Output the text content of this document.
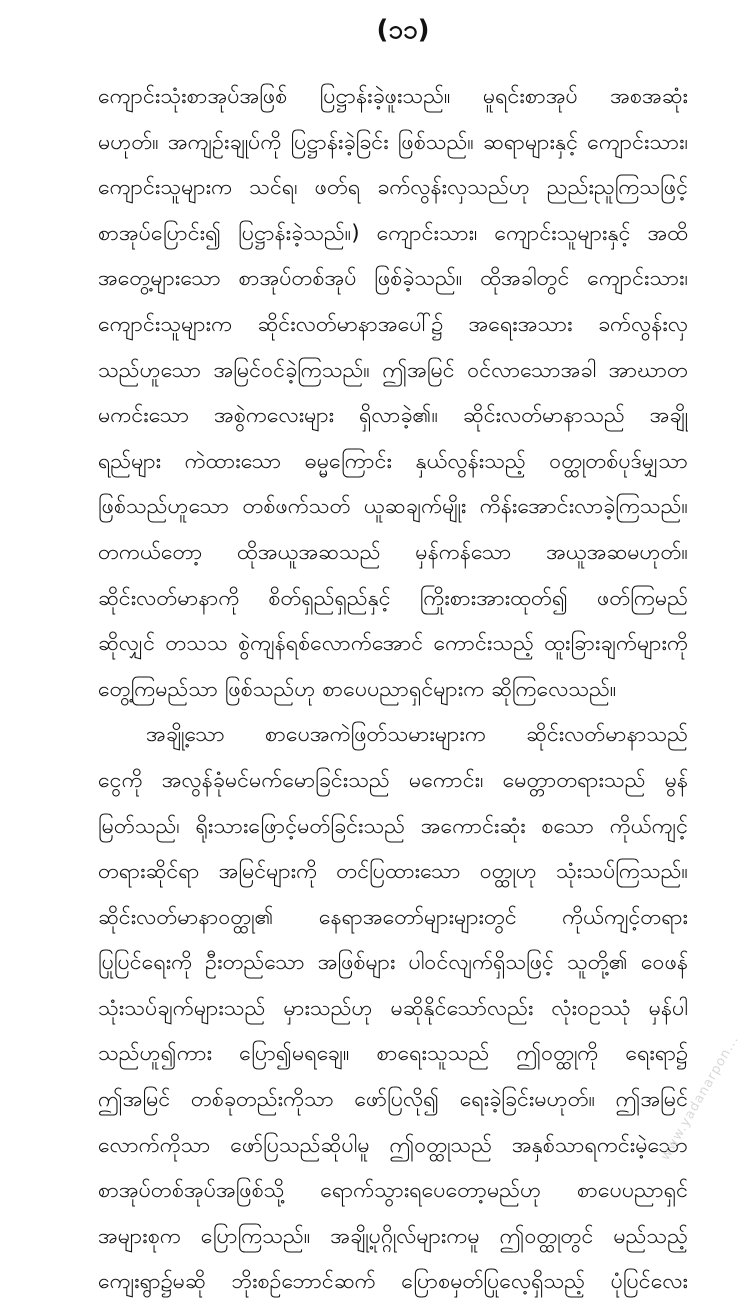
(၁၁)
ကျောင်းသုံးစာအုပ်အဖြစ် ပြဋ္ဌာန်းခဲ့ဖူးသည်။ မူရင်းစာအုပ် အစအဆုံး
မဟုတ်။ အကျဉ်းချုပ်ကို ပြဋ္ဌာန်းခဲ့ခြင်း ဖြစ်သည်။ ဆရာများနှင့် ကျောင်းသား၊
ကျောင်းသူများက သင်ရ၊ ဖတ်ရ ခက်လွန်းလှသည်ဟု ညည်းညူကြသဖြင့်
စာအုပ်ပြောင်း၍ ပြဋ္ဌာန်းခဲ့သည်။) ကျောင်းသား၊ ကျောင်းသူများနှင့် အထိ
အတွေ့များသော စာအုပ်တစ်အုပ် ဖြစ်ခဲ့သည်။ ထိုအခါတွင် ကျောင်းသား၊
ကျောင်းသူများက ဆိုင်းလတ်မာနာအပေါ်၌ အရေးအသား ခက်လွန်းလှ
သည်ဟူသော အမြင်ဝင်ခဲ့ကြသည်။ ဤအမြင် ဝင်လာသောအခါ အာဃာတ
မကင်းသော အစွဲကလေးများ ရှိလာခဲ့၏။ ဆိုင်းလတ်မာနာသည် အချို့
ရည်များ ကဲထားသော ဓမ္မကြောင်း နှယ်လွန်းသည့် ဝတ္ထုတစ်ပုဒ်မျှသာ
ဖြစ်သည်ဟူသော တစ်ဖက်သတ် ယူဆချက်မျိုး ကိန်းအောင်းလာခဲ့ကြသည်။
တကယ်တော့ ထိုအယူအဆသည် မှန်ကန်သော အယူအဆမဟုတ်။
ဆိုင်းလတ်မာနာကို စိတ်ရှည်ရှည်နှင့် ကြိုးစားအားထုတ်၍ ဖတ်ကြမည်
ဆိုလျှင် တသသ စွဲကျန်ရစ်လောက်အောင် ကောင်းသည့် ထူးခြားချက်များကို
တွေ့ကြမည်သာ ဖြစ်သည်ဟု စာပေပညာရှင်များက ဆိုကြလေသည်။
အချို့သော စာပေအကဲဖြတ်သမားများက ဆိုင်းလတ်မာနာသည်
ငွေကို အလွန်ခုံမင်မက်မောခြင်းသည် မကောင်း၊ မေတ္တာတရားသည် မွန်
မြတ်သည်၊ ရိုးသားဖြောင့်မတ်ခြင်းသည် အကောင်းဆုံး စသော ကိုယ်ကျင့်
တရားဆိုင်ရာ အမြင်များကို တင်ပြထားသော ဝတ္ထုဟု သုံးသပ်ကြသည်။
ဆိုင်းလတ်မာနာဝတ္ထု၏ နေရာအတော်များများတွင် ကိုယ်ကျင့်တရား
ပြုပြင်ရေးကို ဦးတည်သော အဖြစ်များ ပါဝင်လျက်ရှိသဖြင့် သူတို့၏ ဝေဖန်
သုံးသပ်ချက်များသည် မှားသည်ဟု မဆိုနိုင်သော်လည်း လုံးဝဥဿုံ မှန်ပါ
သည်ဟူ၍ကား ပြော၍မရချေ။ စာရေးသူသည် ဤဝတ္ထုကို ရေးရာ၌
ဤအမြင် တစ်ခုတည်းကိုသာ ဖော်ပြလို၍ ရေးခဲ့ခြင်းမဟုတ်။ ဤအမြင်
လောက်ကိုသာ ဖော်ပြသည်ဆိုပါမူ ဤဝတ္ထုသည် အနှစ်သာရကင်းမဲ့သော
စာအုပ်တစ်အုပ်အဖြစ်သို့ ရောက်သွားရပေတော့မည်ဟု စာပေပညာရှင်
အများစုက ပြောကြသည်။ အချို့ပုဂ္ဂိုလ်များကမူ ဤဝတ္ထုတွင် မည်သည့်
ကျေးရွာ၌မဆို ဘိုးစဉ်ဘောင်ဆက် ပြောစမှတ်ပြုလေ့ရှိသည့် ပုံပြင်လေး
www.yadanarpon...
